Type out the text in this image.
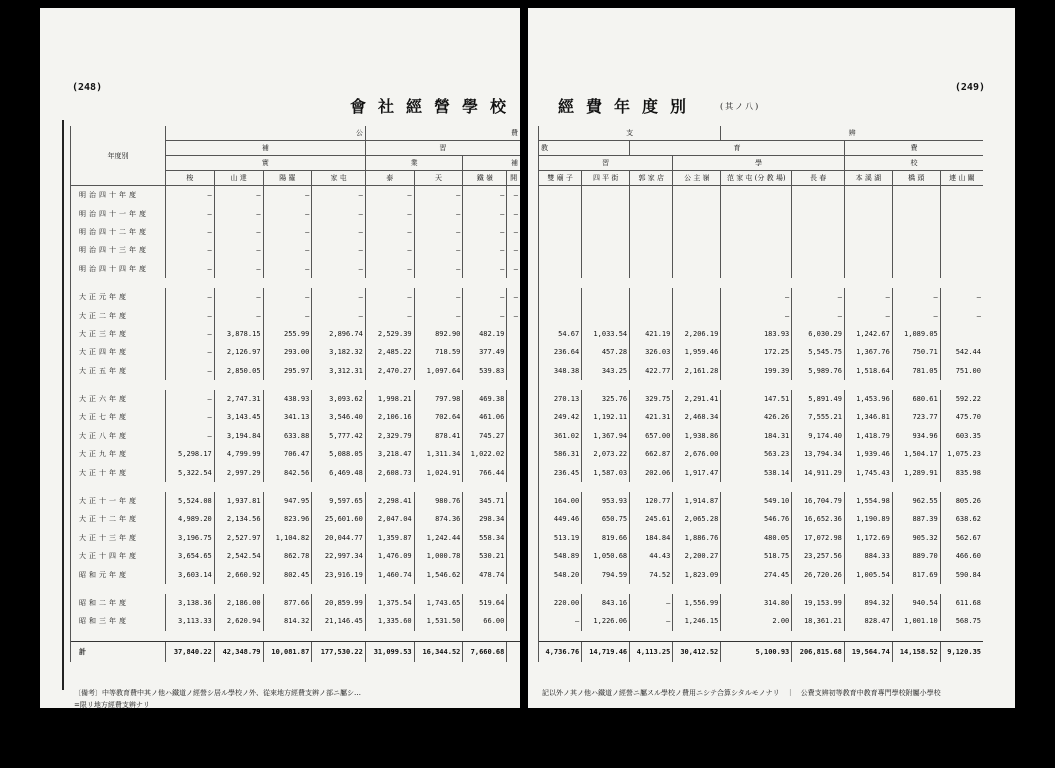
(248)
會社經營學校
年度別	公				費			
	補				習			
	實				業		補	
	梭	山 達	陽 羅	家 屯	泰	天	鐵 嶺	開
明治四十年度	—	—	—	—	—	—	—	—
明治四十一年度	—	—	—	—	—	—	—	—
明治四十二年度	—	—	—	—	—	—	—	—
明治四十三年度	—	—	—	—	—	—	—	—
明治四十四年度	—	—	—	—	—	—	—	—

大正元年度	—	—	—	—	—	—	—	—
大正二年度	—	—	—	—	—	—	—	—
大正三年度	—	3,878.15	255.99	2,896.74	2,529.39	892.90	482.19	
大正四年度	—	2,126.97	293.00	3,182.32	2,485.22	718.59	377.49	
大正五年度	—	2,850.05	295.97	3,312.31	2,470.27	1,097.64	539.83	

大正六年度	—	2,747.31	438.93	3,093.62	1,998.21	797.98	469.38	
大正七年度	—	3,143.45	341.13	3,546.40	2,106.16	702.64	461.06	
大正八年度	—	3,194.84	633.88	5,777.42	2,329.79	878.41	745.27	
大正九年度	5,298.17	4,799.99	706.47	5,088.05	3,218.47	1,311.34	1,022.02	
大正十年度	5,322.54	2,997.29	842.56	6,469.48	2,608.73	1,024.91	766.44	

大正十一年度	5,524.08	1,937.81	947.95	9,597.65	2,298.41	980.76	345.71	
大正十二年度	4,989.20	2,134.56	823.96	25,601.60	2,047.04	874.36	298.34	
大正十三年度	3,196.75	2,527.97	1,104.82	20,044.77	1,359.87	1,242.44	558.34	
大正十四年度	3,654.65	2,542.54	862.78	22,997.34	1,476.09	1,000.78	530.21	
昭和元年度	3,603.14	2,660.92	802.45	23,916.19	1,460.74	1,546.62	478.74	

昭和二年度	3,138.36	2,186.00	877.66	20,859.99	1,375.54	1,743.65	519.64	
昭和三年度	3,113.33	2,620.94	814.32	21,146.45	1,335.60	1,531.50	66.00	

計	37,840.22	42,348.79	10,081.87	177,530.22	31,099.53	16,344.52	7,660.68	
〔備考〕中等教育費中其ノ他ハ鐵道ノ經營シ居ル學校ノ外、從來地方經費支辨ノ部ニ屬シ…
=限リ地方經費支辨ナリ
(249)
經費年度別	(其ノ八)
支				辨				
教		育				費		
習			學			校		
雙 廟 子	四 平 街	郭 家 店	公 主 嶺	范 家 屯 (分 教 場)	長 春	本 溪 湖	橋 頭	連 山 關

				—	—	—	—	—
				—	—	—	—	—
54.67	1,033.54	421.19	2,206.19	183.93	6,030.29	1,242.67	1,089.05	
236.64	457.28	326.03	1,959.46	172.25	5,545.75	1,367.76	750.71	542.44
348.38	343.25	422.77	2,161.28	199.39	5,989.76	1,518.64	781.05	751.00

270.13	325.76	329.75	2,291.41	147.51	5,891.49	1,453.96	680.61	592.22
249.42	1,192.11	421.31	2,468.34	426.26	7,555.21	1,346.81	723.77	475.70
361.02	1,367.94	657.00	1,938.86	184.31	9,174.40	1,418.79	934.96	603.35
586.31	2,073.22	662.87	2,676.00	563.23	13,794.34	1,939.46	1,504.17	1,075.23
236.45	1,587.03	202.06	1,917.47	538.14	14,911.29	1,745.43	1,289.91	835.98

164.00	953.93	120.77	1,914.87	549.10	16,704.79	1,554.98	962.55	805.26
449.46	650.75	245.61	2,065.28	546.76	16,652.36	1,190.89	887.39	638.62
513.19	819.66	184.84	1,886.76	480.05	17,072.98	1,172.69	905.32	562.67
548.89	1,050.68	44.43	2,200.27	518.75	23,257.56	884.33	889.70	466.60
548.20	794.59	74.52	1,823.09	274.45	26,720.26	1,005.54	817.69	590.84

220.00	843.16	—	1,556.99	314.80	19,153.99	894.32	940.54	611.68
—	1,226.06	—	1,246.15	2.00	18,361.21	828.47	1,001.10	568.75

4,736.76	14,719.46	4,113.25	30,412.52	5,100.93	206,815.68	19,564.74	14,158.52	9,120.35
記以外ノ其ノ他ハ鐵道ノ經營ニ屬スル學校ノ費用ニシテ合算シタルモノナリ　｜　公費支辨初等教育中教育專門學校附屬小學校
